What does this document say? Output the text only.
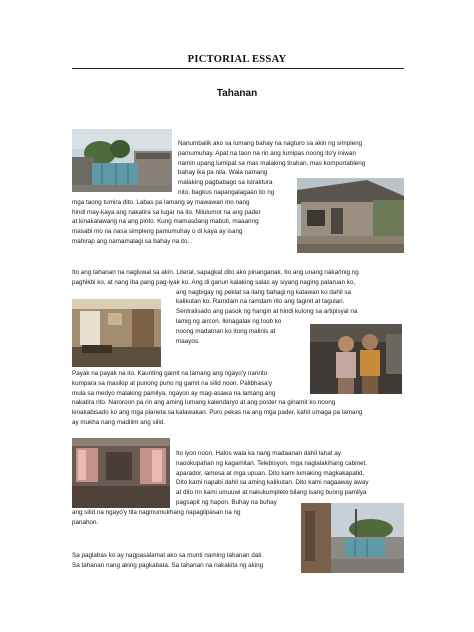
PICTORIAL ESSAY
Tahanan
Nanumbalik ako sa lumang bahay na nagturo sa akin ng simpleng
pamumuhay. Apat na taon na rin ang lumipas noong ito'y iniwan
namin upang lumipat sa mas malaking tirahan, mas komportableng
bahay ika pa nila. Wala namang
malaking pagbabago sa istraktura
nito, bagkus napangalagaan ito ng
mga taong tumira dito. Labas pa lamang ay mawawari mo nang
hindi may-kaya ang nakatira sa lugar na ito. Nilulumot na ang pader
at kinakalawang na ang pinto. Kung mamasdang mabuti, maaaring
masabi mo na nasa simpleng pamumuhay o di kaya ay isang
mahirap ang namamalagi sa bahay na ito. .
Ito ang tahanan na nagluwal sa akin. Literal, sapagkat dito ako pinanganak. Ito ang unang nakarinig ng
paghikbi ko, at nang iba pang pag-iyak ko. Ang di ganun kalaking salas ay siyang naging palaruan ko,
ang nagbigay ng peklat sa ilang bahagi ng katawan ko dahil sa
kalikutan ko. Ramdam na ramdam rito ang taginit at tagulan.
Sentralisado ang pasok ng hangin at hindi kulong sa artipisyal na
lamig ng aircon. Ikinagalak ng loob ko
noong madatnan ko itong malinis at
maayos.
Payak na payak na ito. Kaunting gamit na lamang ang ngayo'y naririto
kumpara sa masikip at punong puno ng gamit na silid noon. Palibhasa'y
mula sa medyo malaking pamilya, ngayon ay mag-asawa na lamang ang
nakatira rito. Naroroon pa rin ang aming lumang kalendaryo at ang poster na ginamit ko noong
kinakabisado ko ang mga planeta sa kalawakan. Puro pekas na ang mga pader, kahit umaga pa lamang
ay mukha nang madilim ang silid.
Ito iyon noon. Halos wala ka nang madaanan dahil lahat ay
naookupahan ng kagamitan. Telebisyon, mga naglalakihang cabinet,
aparador, lamesa at mga upuan. Dito kami lumaking magkakapatid.
Dito kami napabi dahil sa aming kalikutan. Dito kami nagaaway away
at dito rin kami umuuwi at nakukumpleto bilang isang buong pamilya
pagsapit ng hapon. Buhay na buhay
ang silid na ngayo'y tila nagmumukhang napaglipasan na ng
panahon.
Sa paglabas ko ay nagpasalamat ako sa munti naming tahanan dati.
Sa tahanan nang aking pagkabata. Sa tahanan na nakakita ng aking
